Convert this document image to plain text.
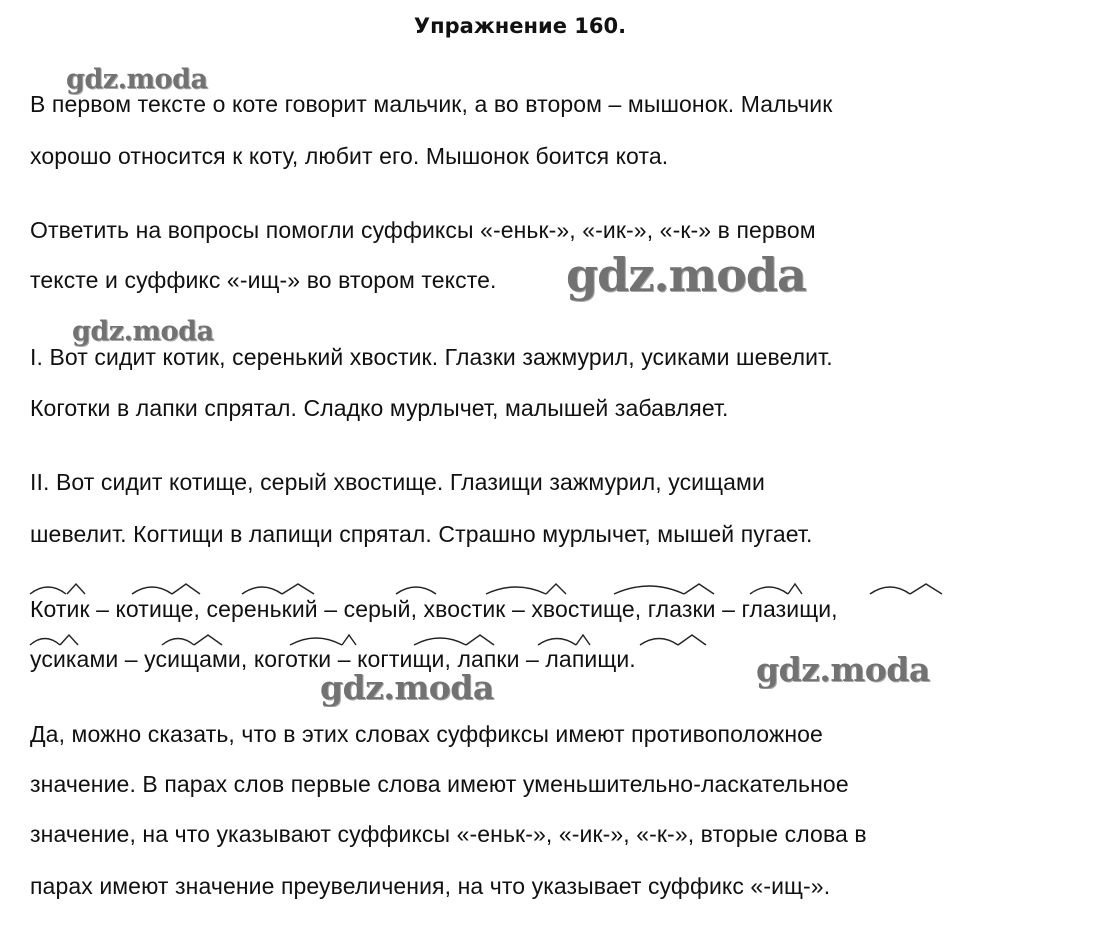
Упражнение 160.
gdz.moda
gdz.moda
gdz.moda
gdz.moda
gdz.moda
В первом тексте о коте говорит мальчик, а во втором – мышонок. Мальчик
хорошо относится к коту, любит его. Мышонок боится кота.
Ответить на вопросы помогли суффиксы «-еньк-», «-ик-», «-к-» в первом
тексте и суффикс «-ищ-» во втором тексте.
I. Вот сидит котик, серенький хвостик. Глазки зажмурил, усиками шевелит.
Коготки в лапки спрятал. Сладко мурлычет, малышей забавляет.
II. Вот сидит котище, серый хвостище. Глазищи зажмурил, усищами
шевелит. Когтищи в лапищи спрятал. Страшно мурлычет, мышей пугает.
Котик – котище, серенький – серый, хвостик – хвостище, глазки – глазищи,
усиками – усищами, коготки – когтищи, лапки – лапищи.
Да, можно сказать, что в этих словах суффиксы имеют противоположное
значение. В парах слов первые слова имеют уменьшительно-ласкательное
значение, на что указывают суффиксы «-еньк-», «-ик-», «-к-», вторые слова в
парах имеют значение преувеличения, на что указывает суффикс «-ищ-».
